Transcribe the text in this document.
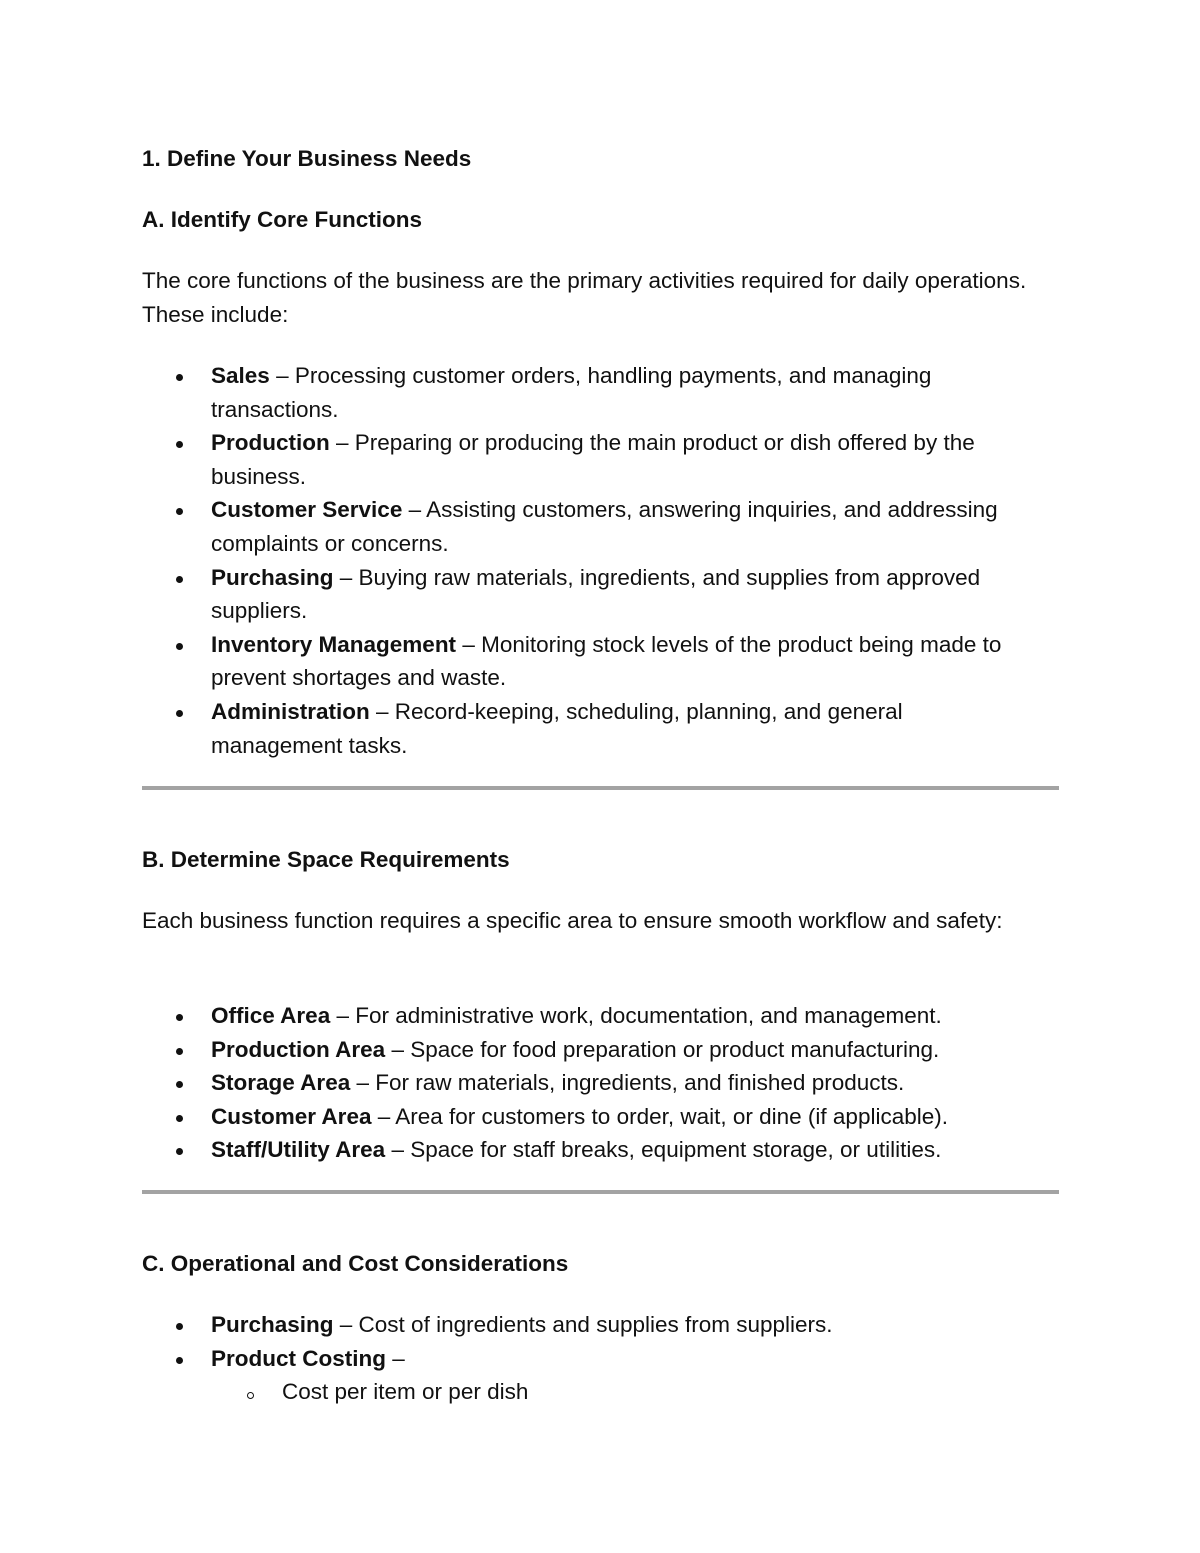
1. Define Your Business Needs
A. Identify Core Functions
The core functions of the business are the primary activities required for daily operations. These include:
Sales – Processing customer orders, handling payments, and managing transactions.
Production – Preparing or producing the main product or dish offered by the business.
Customer Service – Assisting customers, answering inquiries, and addressing complaints or concerns.
Purchasing – Buying raw materials, ingredients, and supplies from approved suppliers.
Inventory Management – Monitoring stock levels of the product being made to prevent shortages and waste.
Administration – Record-keeping, scheduling, planning, and general management tasks.
B. Determine Space Requirements
Each business function requires a specific area to ensure smooth workflow and safety:
Office Area – For administrative work, documentation, and management.
Production Area – Space for food preparation or product manufacturing.
Storage Area – For raw materials, ingredients, and finished products.
Customer Area – Area for customers to order, wait, or dine (if applicable).
Staff/Utility Area – Space for staff breaks, equipment storage, or utilities.
C. Operational and Cost Considerations
Purchasing – Cost of ingredients and supplies from suppliers.
Product Costing –
Cost per item or per dish
